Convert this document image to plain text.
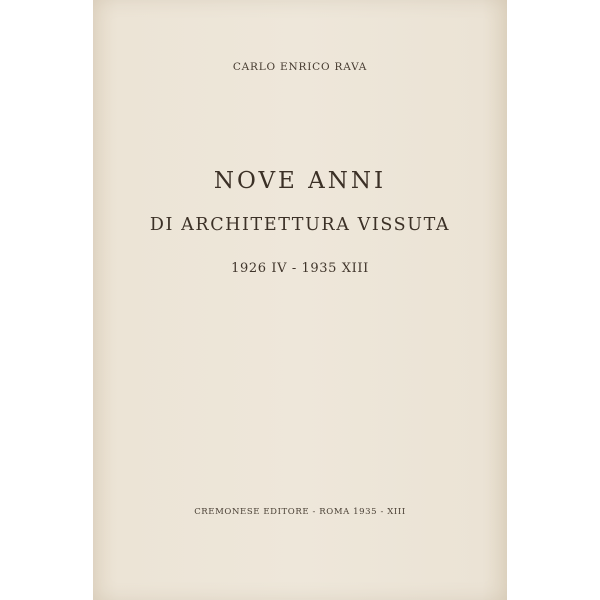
CARLO ENRICO RAVA
NOVE ANNI
DI ARCHITETTURA VISSUTA
1926 IV - 1935 XIII
CREMONESE EDITORE - ROMA 1935 - XIII
